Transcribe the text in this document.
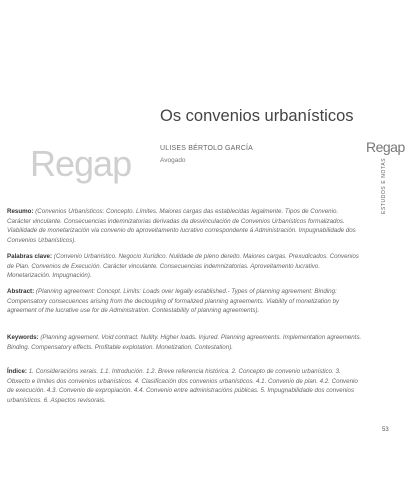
Regap
Os convenios urbanísticos
ULISES BÉRTOLO GARCÍA
Avogado
Regap
ESTUDOS E NOTAS
Resumo: (Convenios Urbanísticos: Concepto. Límites. Maiores cargas das establecidas legalmente. Tipos de Convenio. Carácter vinculante. Consecuencias indemnizatorias derivadas da desvinculación de Convenios Urbanísticos formalizados. Viabilidade de monetarización via convenio do aproveitamento lucrativo correspondente á Administración. Impugnabilidade dos Convenios Urbanísticos).
Palabras clave: (Convenio Urbanístico. Negocio Xurídico. Nulidade de pleno dereito. Maiores cargas. Prexudicados. Convenios de Plan. Convenios de Execución. Carácter vinculante. Consecuencias indemnizatorias. Aproveitamento lucrativo. Monetarización. Impugnación).
Abstract: (Planning agreement: Concept. Limits: Loads over legally established.- Types of planning agreement: Binding: Compensatory consecuences arising from the decloupling of formalized planning agreements. Viability of monetization by agreement of the lucrative use for de Administration. Contestability of planning agreements).
Keywords: (Planning agreement. Void contract. Nullity. Higher loads. Injured. Planning agreements. Implementation agreements. Binding. Compensatory effects. Profitable explotation. Monetization. Contestation).
Índice: 1. Consideracións xerais. 1.1. Introdución. 1.2. Breve referencia histórica. 2. Concepto de convenio urbanístico. 3. Obxecto e límites dos convenios urbanísticos. 4. Clasificación dos convenios urbanísticos. 4.1. Convenio de plan. 4.2. Convenio de execución. 4.3. Convenio de expropiación. 4.4. Convenio entre administracións públicas. 5. Impugnabilidade dos convenios urbanísticos. 6. Aspectos revisorais.
53
